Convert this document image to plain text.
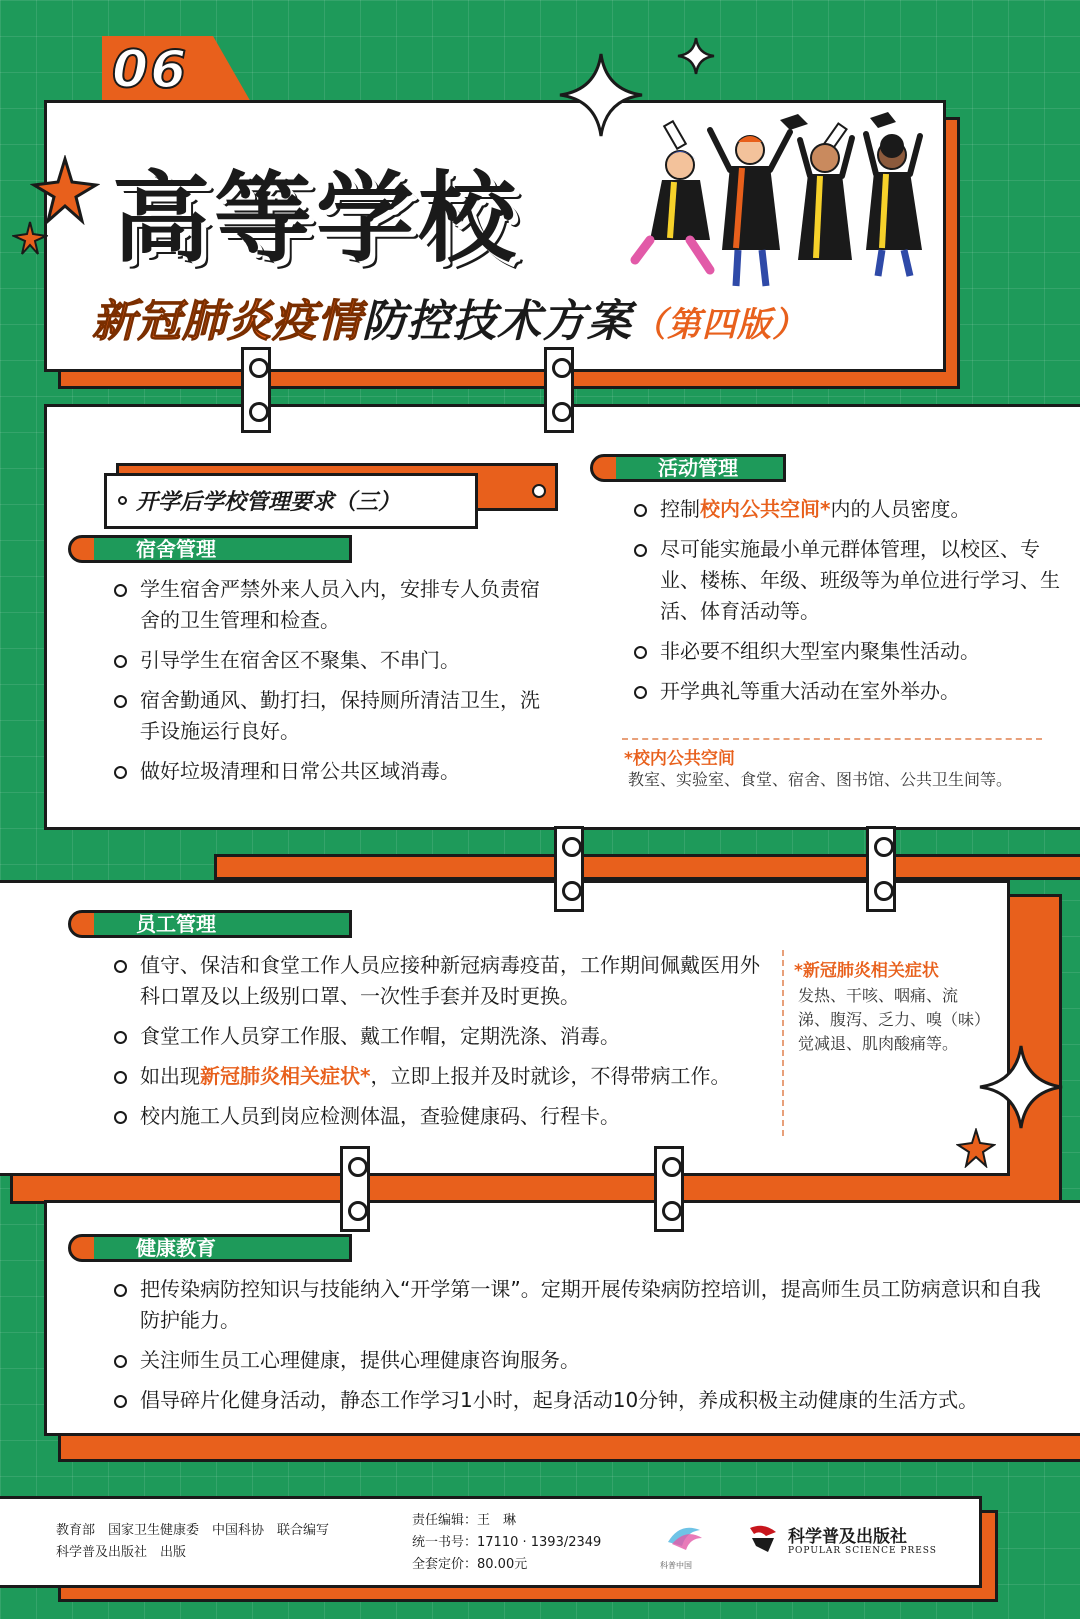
06
高等学校
新冠肺炎疫情防控技术方案（第四版）
开学后学校管理要求（三）
宿舍管理
学生宿舍严禁外来人员入内，安排专人负责宿舍的卫生管理和检查。
引导学生在宿舍区不聚集、不串门。
宿舍勤通风、勤打扫，保持厕所清洁卫生，洗手设施运行良好。
做好垃圾清理和日常公共区域消毒。
活动管理
控制校内公共空间*内的人员密度。
尽可能实施最小单元群体管理，以校区、专业、楼栋、年级、班级等为单位进行学习、生活、体育活动等。
非必要不组织大型室内聚集性活动。
开学典礼等重大活动在室外举办。
*校内公共空间
教室、实验室、食堂、宿舍、图书馆、公共卫生间等。
员工管理
值守、保洁和食堂工作人员应接种新冠病毒疫苗，工作期间佩戴医用外科口罩及以上级别口罩、一次性手套并及时更换。
食堂工作人员穿工作服、戴工作帽，定期洗涤、消毒。
如出现新冠肺炎相关症状*，立即上报并及时就诊，不得带病工作。
校内施工人员到岗应检测体温，查验健康码、行程卡。
*新冠肺炎相关症状
发热、干咳、咽痛、流涕、腹泻、乏力、嗅（味）觉减退、肌肉酸痛等。
健康教育
把传染病防控知识与技能纳入“开学第一课”。定期开展传染病防控培训，提高师生员工防病意识和自我防护能力。
关注师生员工心理健康，提供心理健康咨询服务。
倡导碎片化健身活动，静态工作学习1小时，起身活动10分钟，养成积极主动健康的生活方式。
教育部　国家卫生健康委　中国科协　联合编写
科学普及出版社　出版
责任编辑：王　琳
统一书号：17110 · 1393/2349
全套定价：80.00元	科普中国
科学普及出版社
POPULAR SCIENCE PRESS
